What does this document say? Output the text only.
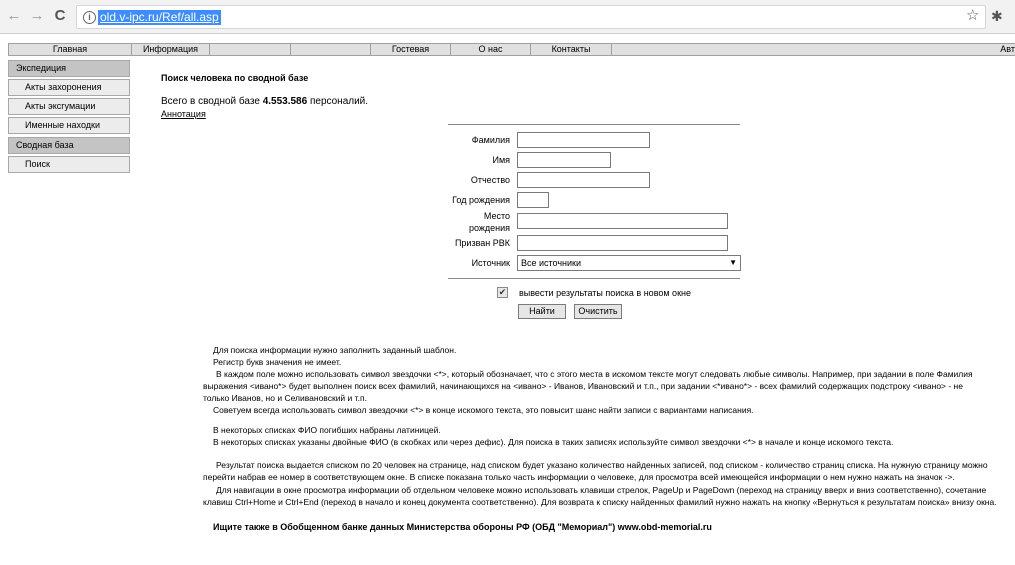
← → C	i old.v-ipc.ru/Ref/all.asp	☆ ✱
Главная	Информация	Гостевая	О нас	Контакты	Авт
Экспедиция
Акты захоронения
Акты эксгумации
Именные находки
Сводная база
Поиск
Поиск человека по сводной базе
Всего в сводной базе 4.553.586 персоналий.
Аннотация
Фамилия
Имя
Отчество
Год рождения
Место
рождения
Призван РВК
Источник	Все источники	▼
✔ вывести результаты поиска в новом окне
Найти	Очистить
Для поиска информации нужно заполнить заданный шаблон.
Регистр букв значения не имеет.
В каждом поле можно использовать символ звездочки <*>, который обозначает, что с этого места в искомом тексте могут следовать любые символы. Например, при задании в поле Фамилия
выражения <ивано*> будет выполнен поиск всех фамилий, начинающихся на <ивано> - Иванов, Ивановский и т.п., при задании <*ивано*> - всех фамилий содержащих подстроку <ивано> - не
только Иванов, но и Селивановский и т.п.
Советуем всегда использовать символ звездочки <*> в конце искомого текста, это повысит шанс найти записи с вариантами написания.
В некоторых списках ФИО погибших набраны латиницей.
В некоторых списках указаны двойные ФИО (в скобках или через дефис). Для поиска в таких записях используйте символ звездочки <*> в начале и конце искомого текста.
Результат поиска выдается списком по 20 человек на странице, над списком будет указано количество найденных записей, под списком - количество страниц списка. На нужную страницу можно
перейти набрав ее номер в соответствующем окне. В списке показана только часть информации о человеке, для просмотра всей имеющейся информации о нем нужно нажать на значок ->.
Для навигации в окне просмотра информации об отдельном человеке можно использовать клавиши стрелок, PageUp и PageDown (переход на страницу вверх и вниз соответственно), сочетание
клавиш Ctrl+Home и Ctrl+End (переход в начало и конец документа соответственно). Для возврата к списку найденных фамилий нужно нажать на кнопку «Вернуться к результатам поиска» внизу окна.
Ищите также в Обобщенном банке данных Министерства обороны РФ (ОБД "Мемориал") www.obd-memorial.ru
